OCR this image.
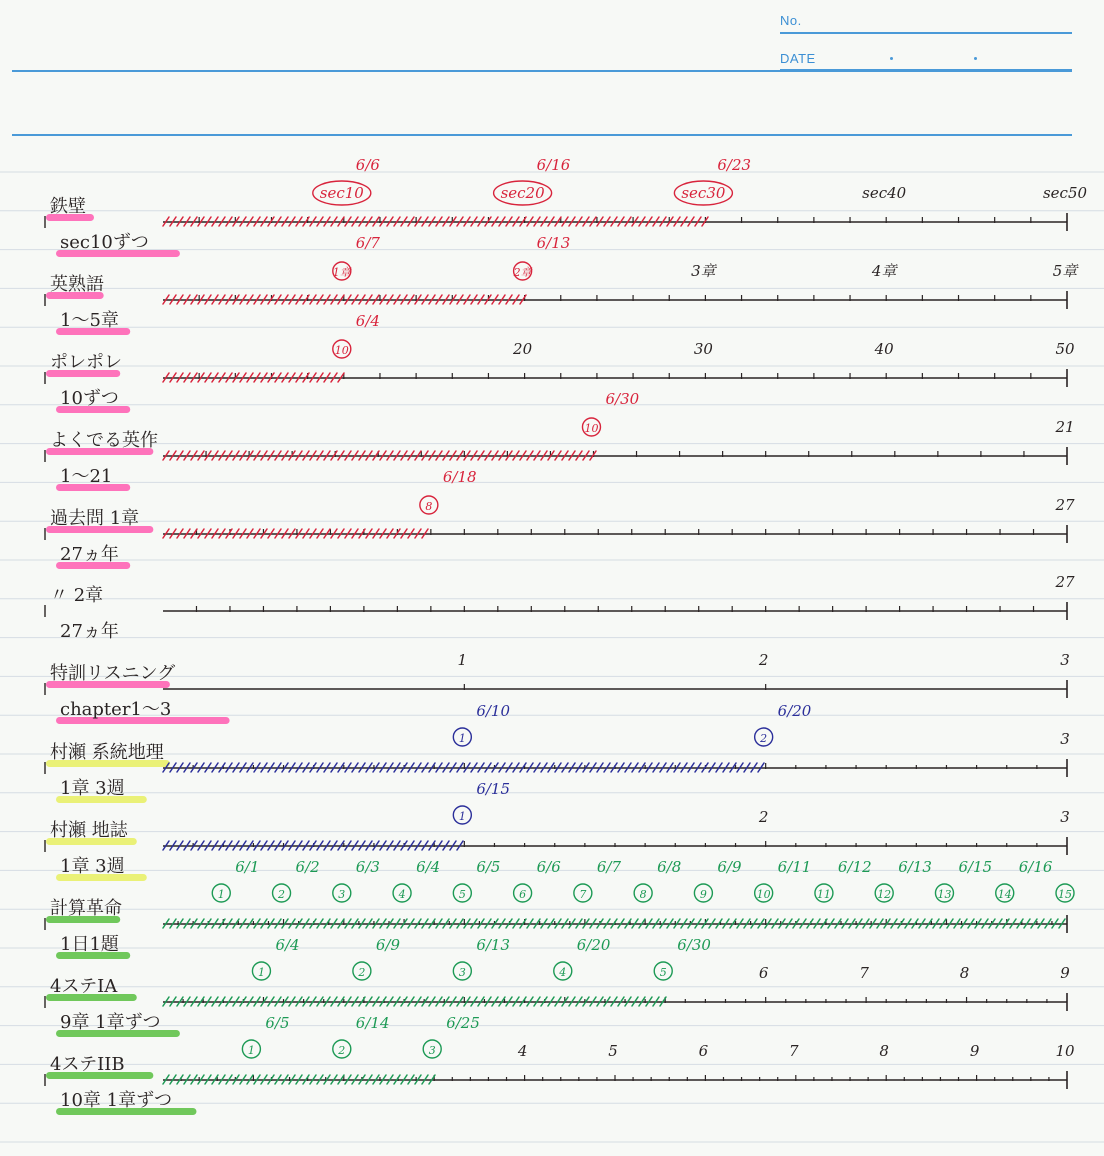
No.
DATE
鉄壁
sec10ずつ
sec10	sec20	sec30	sec40	sec50
6/6	6/16	6/23
英熟語
1〜5章
1章	2章	3章	4章	5章
6/7	6/13
ポレポレ
10ずつ
10	20	30	40	50
6/4
よくでる英作
1〜21
10	21
6/30
過去問 1章
27ヵ年
8	27
6/18
〃 2章
27ヵ年
27
特訓リスニング
chapter1〜3
1	2	3
村瀬 系統地理
1章 3週
1	2	3
6/10	6/20
村瀬 地誌
1章 3週
1	2	3
6/15
計算革命
1日1題
1	2	3	4	5	6	7	8	9	10	11	12	13	14	15
6/1 6/2 6/3 6/4 6/5 6/6 6/7 6/8 6/9 6/11 6/12 6/13 6/15 6/16
4ステIA
9章 1章ずつ
1	2	3	4	5	6	7	8	9
6/4	6/9	6/13	6/20	6/30
4ステIIB
10章 1章ずつ
1	2	3	4	5	6	7	8	9	10
6/5	6/14	6/25
